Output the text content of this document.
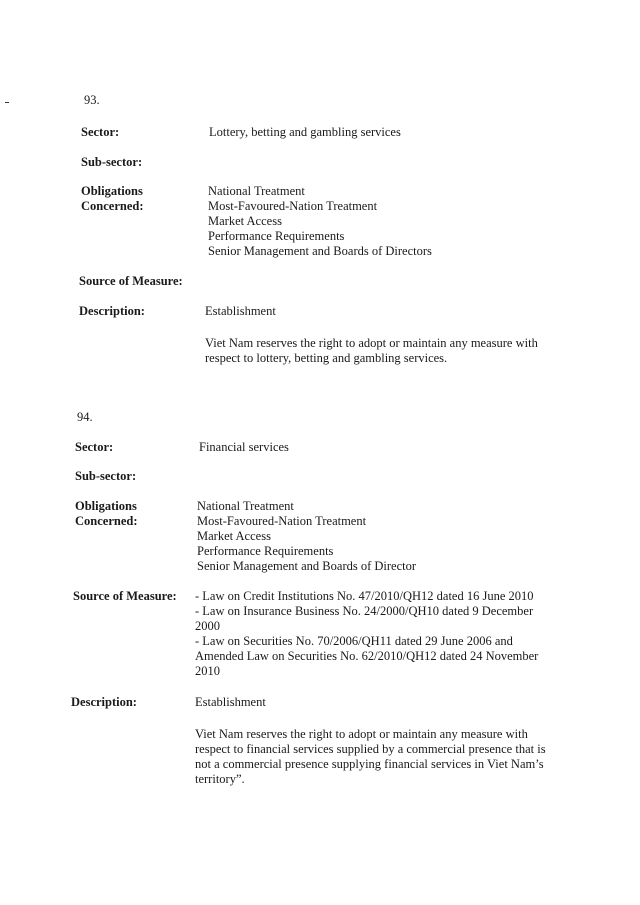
93.
Sector:	Lottery, betting and gambling services
Sub-sector:
Obligations
Concerned:
National Treatment
Most-Favoured-Nation Treatment
Market Access
Performance Requirements
Senior Management and Boards of Directors
Source of Measure:
Description:	Establishment
Viet Nam reserves the right to adopt or maintain any measure with
respect to lottery, betting and gambling services.
94.
Sector:	Financial services
Sub-sector:
Obligations
Concerned:
National Treatment
Most-Favoured-Nation Treatment
Market Access
Performance Requirements
Senior Management and Boards of Director
Source of Measure: - Law on Credit Institutions No. 47/2010/QH12 dated 16 June 2010
- Law on Insurance Business No. 24/2000/QH10 dated 9 December
2000
- Law on Securities No. 70/2006/QH11 dated 29 June 2006 and
Amended Law on Securities No. 62/2010/QH12 dated 24 November
2010
Description:	Establishment
Viet Nam reserves the right to adopt or maintain any measure with
respect to financial services supplied by a commercial presence that is
not a commercial presence supplying financial services in Viet Nam’s
territory”.
